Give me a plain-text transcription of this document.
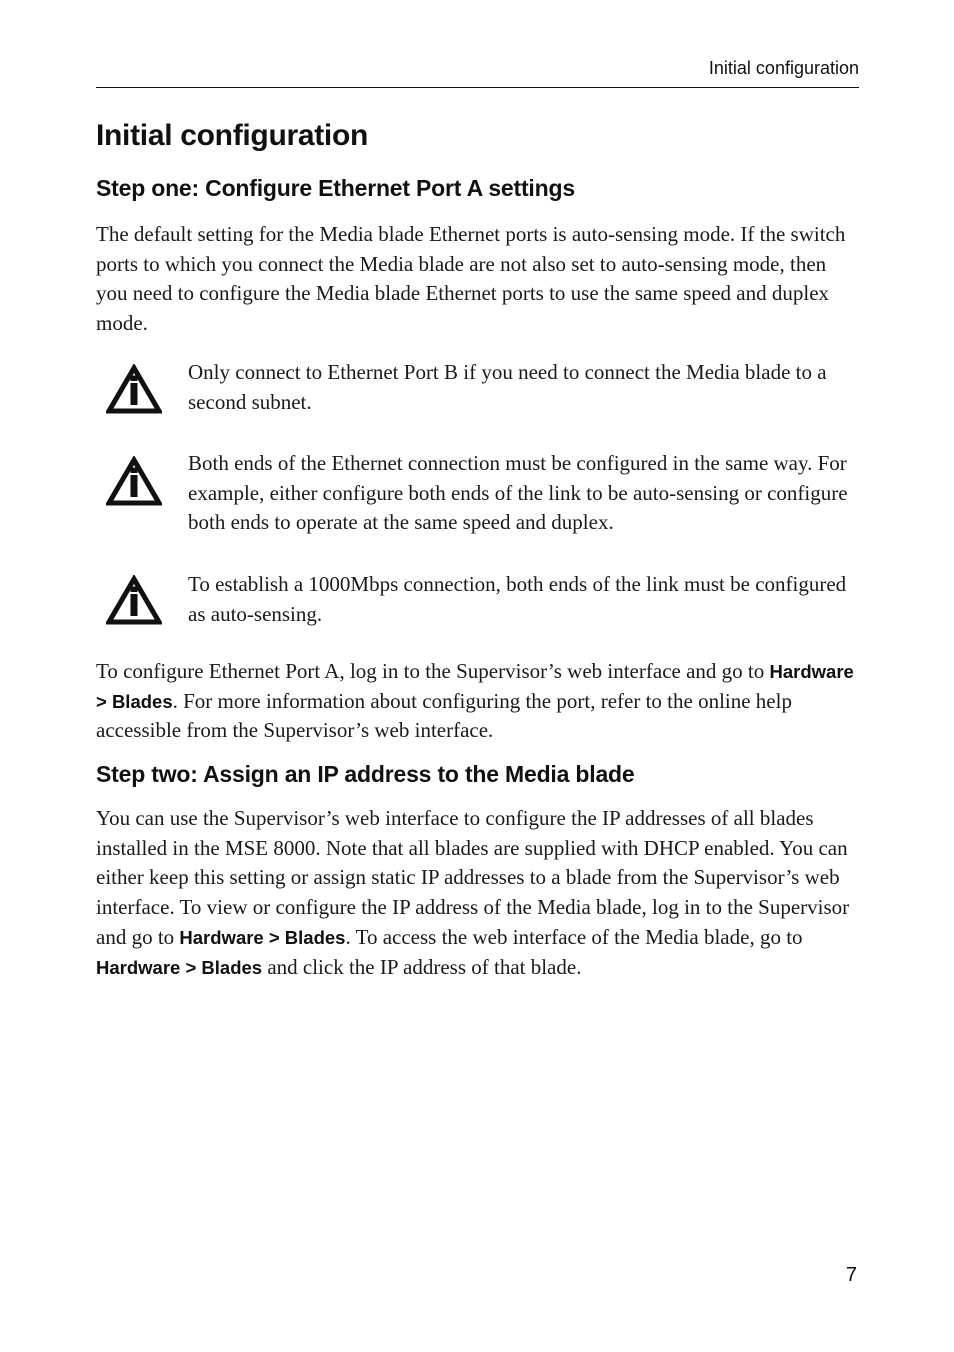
Initial configuration
Initial configuration
Step one: Configure Ethernet Port A settings

The default setting for the Media blade Ethernet ports is auto-sensing mode. If the switch ports to which you connect the Media blade are not also set to auto-sensing mode, then you need to configure the Media blade Ethernet ports to use the same speed and duplex mode.

Only connect to Ethernet Port B if you need to connect the Media blade to a second subnet.

Both ends of the Ethernet connection must be configured in the same way. For example, either configure both ends of the link to be auto-sensing or configure both ends to operate at the same speed and duplex.

To establish a 1000Mbps connection, both ends of the link must be configured as auto-sensing.

To configure Ethernet Port A, log in to the Supervisor’s web interface and go to Hardware > Blades. For more information about configuring the port, refer to the online help accessible from the Supervisor’s web interface.

Step two: Assign an IP address to the Media blade

You can use the Supervisor’s web interface to configure the IP addresses of all blades installed in the MSE 8000. Note that all blades are supplied with DHCP enabled. You can either keep this setting or assign static IP addresses to a blade from the Supervisor’s web interface. To view or configure the IP address of the Media blade, log in to the Supervisor and go to Hardware > Blades. To access the web interface of the Media blade, go to Hardware > Blades and click the IP address of that blade.

7
